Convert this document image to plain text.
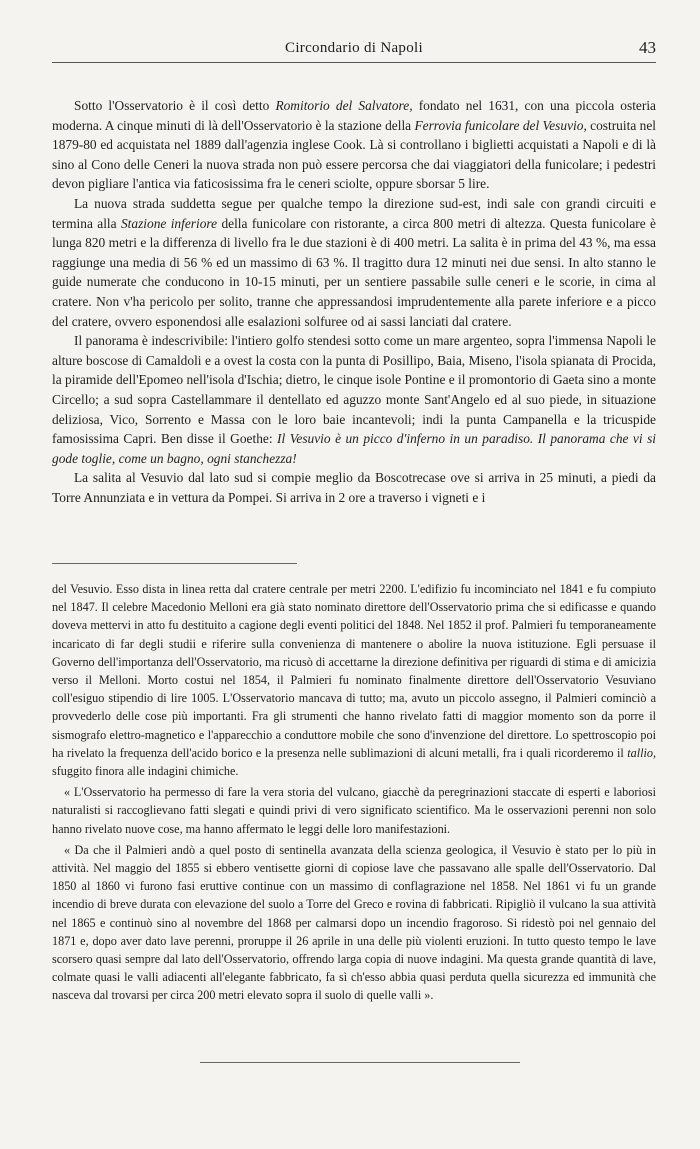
Circondario di Napoli	43

Sotto l'Osservatorio è il così detto Romitorio del Salvatore, fondato nel 1631, con una piccola osteria moderna. A cinque minuti di là dell'Osservatorio è la stazione della Ferrovia funicolare del Vesuvio, costruita nel 1879-80 ed acquistata nel 1889 dall'agenzia inglese Cook. Là si controllano i biglietti acquistati a Napoli e di là sino al Cono delle Ceneri la nuova strada non può essere percorsa che dai viaggiatori della funicolare; i pedestri devon pigliare l'antica via faticosissima fra le ceneri sciolte, oppure sborsar 5 lire.

La nuova strada suddetta segue per qualche tempo la direzione sud-est, indi sale con grandi circuiti e termina alla Stazione inferiore della funicolare con ristorante, a circa 800 metri di altezza. Questa funicolare è lunga 820 metri e la differenza di livello fra le due stazioni è di 400 metri. La salita è in prima del 43 %, ma essa raggiunge una media di 56 % ed un massimo di 63 %. Il tragitto dura 12 minuti nei due sensi. In alto stanno le guide numerate che conducono in 10-15 minuti, per un sentiere passabile sulle ceneri e le scorie, in cima al cratere. Non v'ha pericolo per solito, tranne che appressandosi imprudentemente alla parete inferiore e a picco del cratere, ovvero esponendosi alle esalazioni solfuree od ai sassi lanciati dal cratere.

Il panorama è indescrivibile: l'intiero golfo stendesi sotto come un mare argenteo, sopra l'immensa Napoli le alture boscose di Camaldoli e a ovest la costa con la punta di Posillipo, Baia, Miseno, l'isola spianata di Procida, la piramide dell'Epomeo nell'isola d'Ischia; dietro, le cinque isole Pontine e il promontorio di Gaeta sino a monte Circello; a sud sopra Castellammare il dentellato ed aguzzo monte Sant'Angelo ed al suo piede, in situazione deliziosa, Vico, Sorrento e Massa con le loro baie incantevoli; indi la punta Campanella e la tricuspide famosissima Capri. Ben disse il Goethe: Il Vesuvio è un picco d'inferno in un paradiso. Il panorama che vi si gode toglie, come un bagno, ogni stanchezza!

La salita al Vesuvio dal lato sud si compie meglio da Boscotrecase ove si arriva in 25 minuti, a piedi da Torre Annunziata e in vettura da Pompei. Si arriva in 2 ore a traverso i vigneti e i

del Vesuvio. Esso dista in linea retta dal cratere centrale per metri 2200. L'edifizio fu incominciato nel 1841 e fu compiuto nel 1847. Il celebre Macedonio Melloni era già stato nominato direttore dell'Osservatorio prima che si edificasse e quando doveva mettervi in atto fu destituito a cagione degli eventi politici del 1848. Nel 1852 il prof. Palmieri fu temporaneamente incaricato di far degli studii e riferire sulla convenienza di mantenere o abolire la nuova istituzione. Egli persuase il Governo dell'importanza dell'Osservatorio, ma ricusò di accettarne la direzione definitiva per riguardi di stima e di amicizia verso il Melloni. Morto costui nel 1854, il Palmieri fu nominato finalmente direttore dell'Osservatorio Vesuviano coll'esiguo stipendio di lire 1005. L'Osservatorio mancava di tutto; ma, avuto un piccolo assegno, il Palmieri cominciò a provvederlo delle cose più importanti. Fra gli strumenti che hanno rivelato fatti di maggior momento son da porre il sismografo elettro-magnetico e l'apparecchio a conduttore mobile che sono d'invenzione del direttore. Lo spettroscopio poi ha rivelato la frequenza dell'acido borico e la presenza nelle sublimazioni di alcuni metalli, fra i quali ricorderemo il tallio, sfuggito finora alle indagini chimiche.

« L'Osservatorio ha permesso di fare la vera storia del vulcano, giacchè da peregrinazioni staccate di esperti e laboriosi naturalisti si raccoglievano fatti slegati e quindi privi di vero significato scientifico. Ma le osservazioni perenni non solo hanno rivelato nuove cose, ma hanno affermato le leggi delle loro manifestazioni.

« Da che il Palmieri andò a quel posto di sentinella avanzata della scienza geologica, il Vesuvio è stato per lo più in attività. Nel maggio del 1855 si ebbero ventisette giorni di copiose lave che passavano alle spalle dell'Osservatorio. Dal 1850 al 1860 vi furono fasi eruttive continue con un massimo di conflagrazione nel 1858. Nel 1861 vi fu un grande incendio di breve durata con elevazione del suolo a Torre del Greco e rovina di fabbricati. Ripigliò il vulcano la sua attività nel 1865 e continuò sino al novembre del 1868 per calmarsi dopo un incendio fragoroso. Si ridestò poi nel gennaio del 1871 e, dopo aver dato lave perenni, proruppe il 26 aprile in una delle più violenti eruzioni. In tutto questo tempo le lave scorsero quasi sempre dal lato dell'Osservatorio, offrendo larga copia di nuove indagini. Ma questa grande quantità di lave, colmate quasi le valli adiacenti all'elegante fabbricato, fa sì ch'esso abbia quasi perduta quella sicurezza ed immunità che nasceva dal trovarsi per circa 200 metri elevato sopra il suolo di quelle valli ».
